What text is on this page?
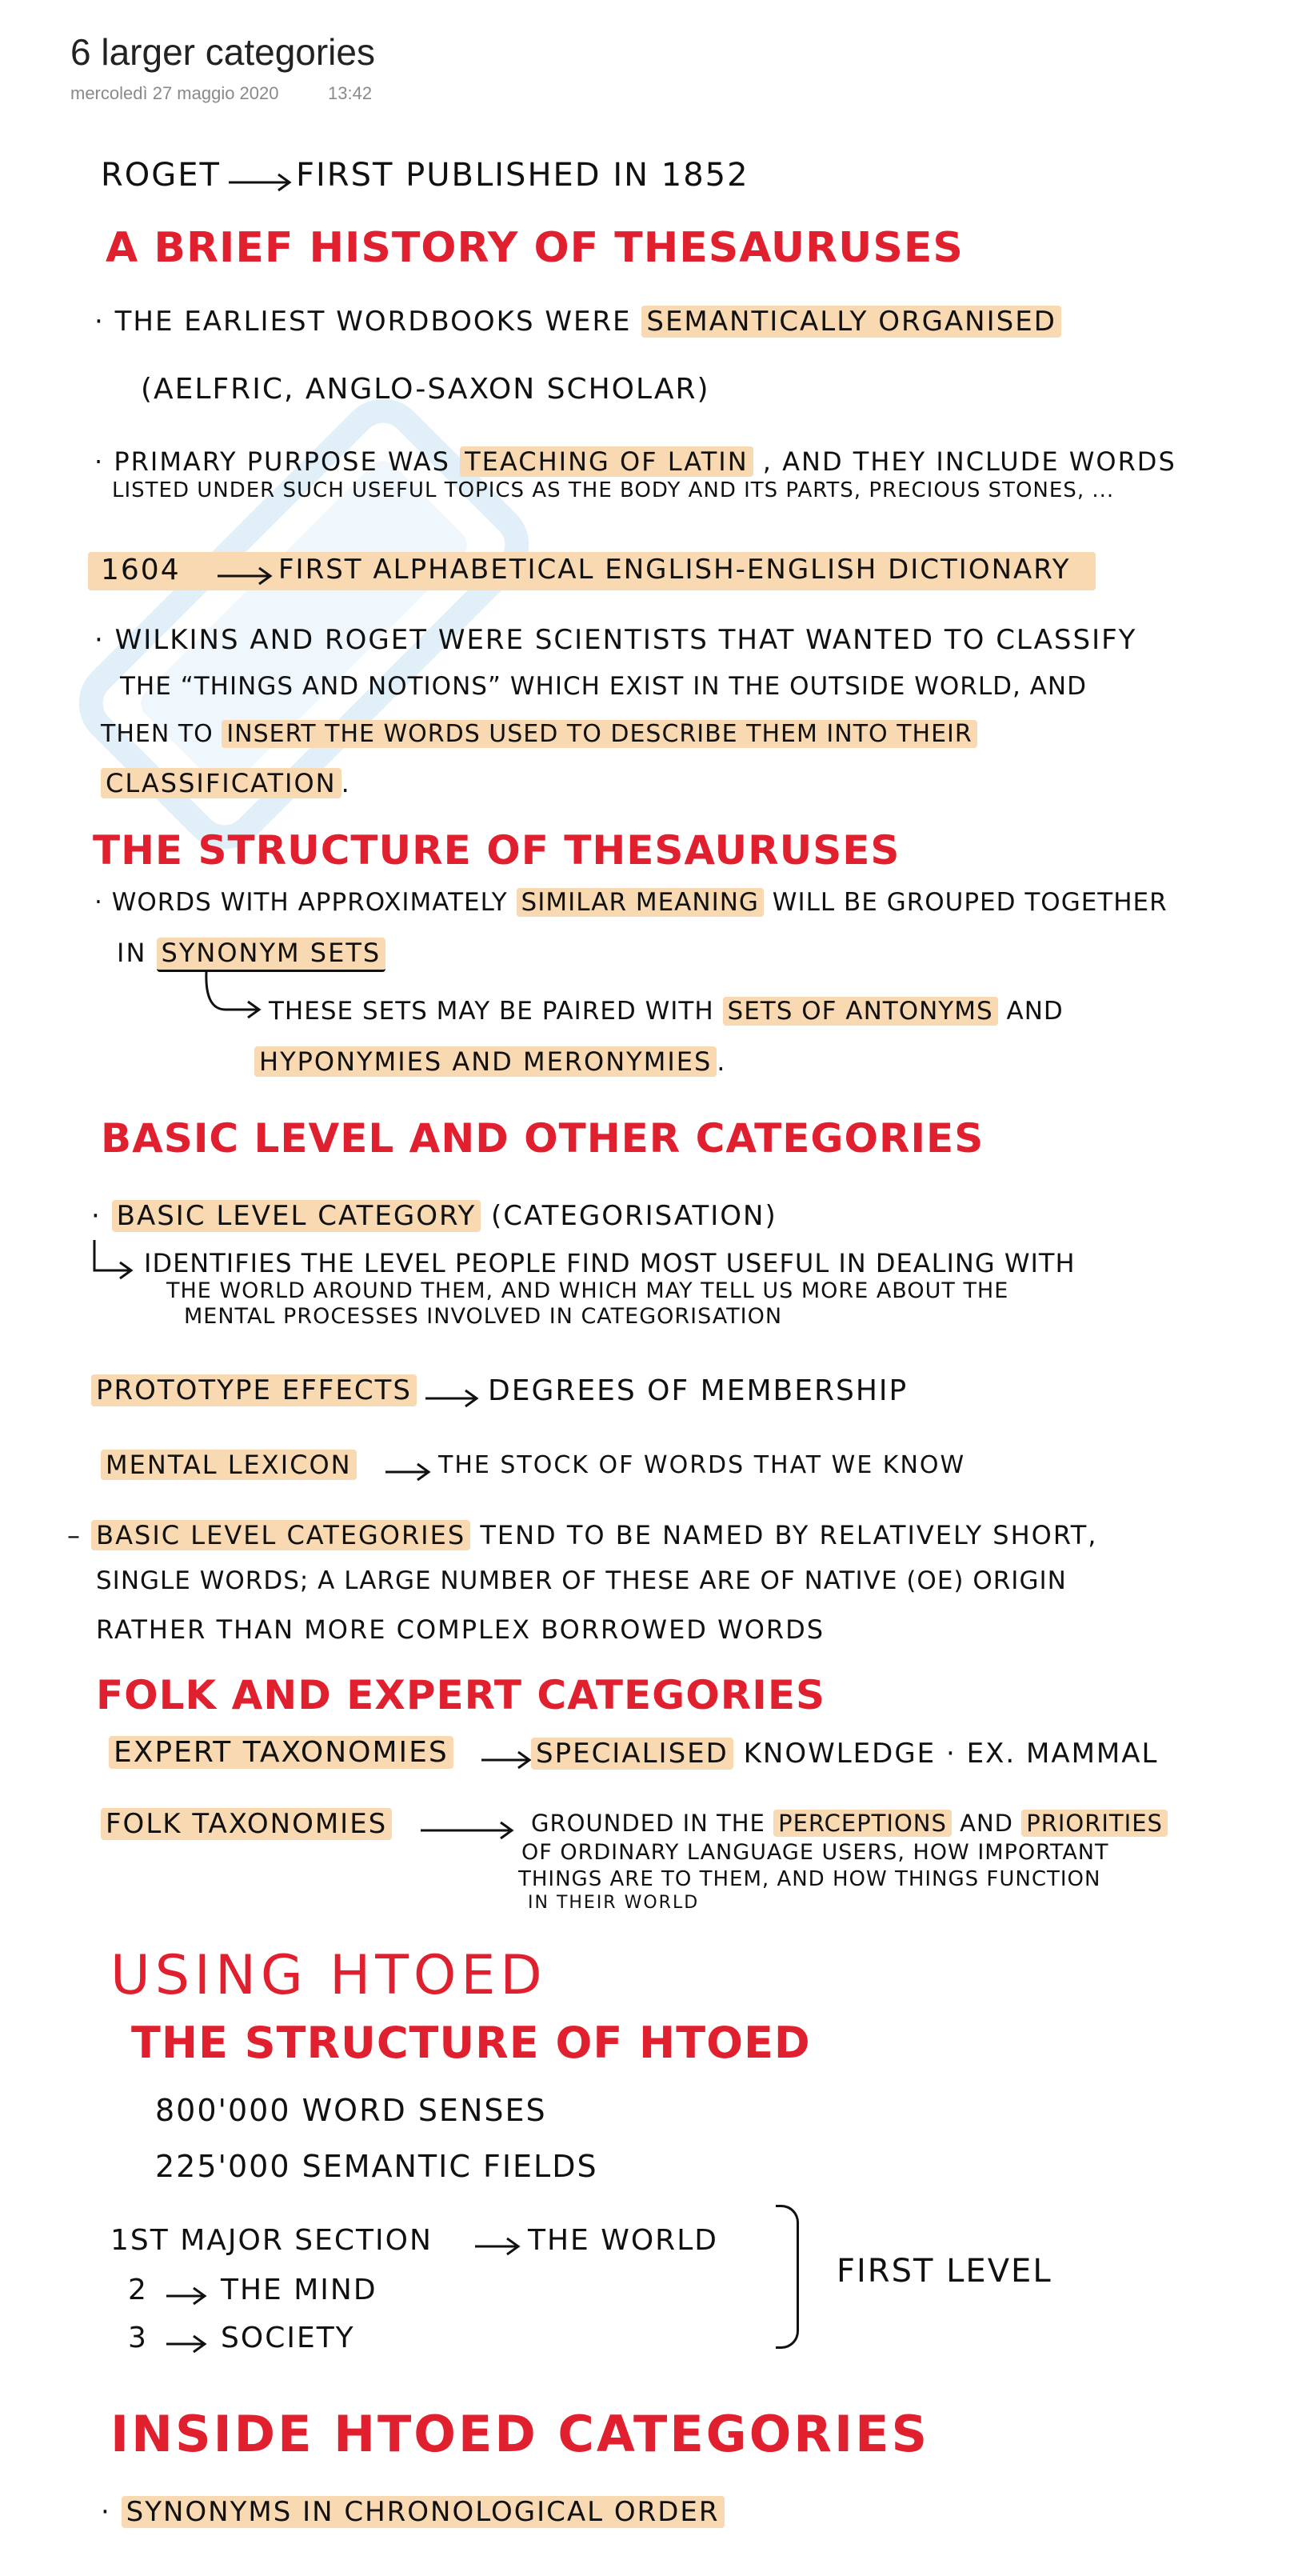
6 larger categories
mercoledì 27 maggio 2020	13:42
ROGET FIRST PUBLISHED IN 1852
A BRIEF HISTORY OF THESAURUSES
· THE EARLIEST WORDBOOKS WERE SEMANTICALLY ORGANISED
(AELFRIC, ANGLO-SAXON SCHOLAR)
· PRIMARY PURPOSE WAS TEACHING OF LATIN , AND THEY INCLUDE WORDS
LISTED UNDER SUCH USEFUL TOPICS AS THE BODY AND ITS PARTS, PRECIOUS STONES, ...
1604	FIRST ALPHABETICAL ENGLISH-ENGLISH DICTIONARY
· WILKINS AND ROGET WERE SCIENTISTS THAT WANTED TO CLASSIFY
THE “THINGS AND NOTIONS” WHICH EXIST IN THE OUTSIDE WORLD, AND
THEN TO INSERT THE WORDS USED TO DESCRIBE THEM INTO THEIR
CLASSIFICATION .
THE STRUCTURE OF THESAURUSES
· WORDS WITH APPROXIMATELY SIMILAR MEANING WILL BE GROUPED TOGETHER
IN SYNONYM SETS
THESE SETS MAY BE PAIRED WITH SETS OF ANTONYMS AND
HYPONYMIES AND MERONYMIES .
BASIC LEVEL AND OTHER CATEGORIES
· BASIC LEVEL CATEGORY (CATEGORISATION)
IDENTIFIES THE LEVEL PEOPLE FIND MOST USEFUL IN DEALING WITH
THE WORLD AROUND THEM, AND WHICH MAY TELL US MORE ABOUT THE
MENTAL PROCESSES INVOLVED IN CATEGORISATION
PROTOTYPE EFFECTS	DEGREES OF MEMBERSHIP
MENTAL LEXICON	THE STOCK OF WORDS THAT WE KNOW
– BASIC LEVEL CATEGORIES TEND TO BE NAMED BY RELATIVELY SHORT,
SINGLE WORDS; A LARGE NUMBER OF THESE ARE OF NATIVE (OE) ORIGIN
RATHER THAN MORE COMPLEX BORROWED WORDS
FOLK AND EXPERT CATEGORIES
EXPERT TAXONOMIES	SPECIALISED KNOWLEDGE · EX. MAMMAL
FOLK TAXONOMIES	GROUNDED IN THE PERCEPTIONS AND PRIORITIES
OF ORDINARY LANGUAGE USERS, HOW IMPORTANT
THINGS ARE TO THEM, AND HOW THINGS FUNCTION
IN THEIR WORLD
USING HTOED
THE STRUCTURE OF HTOED
800'000 WORD SENSES
225'000 SEMANTIC FIELDS
1ST MAJOR SECTION	THE WORLD
2	THE MIND
3	SOCIETY
FIRST LEVEL
INSIDE HTOED CATEGORIES
· SYNONYMS IN CHRONOLOGICAL ORDER
